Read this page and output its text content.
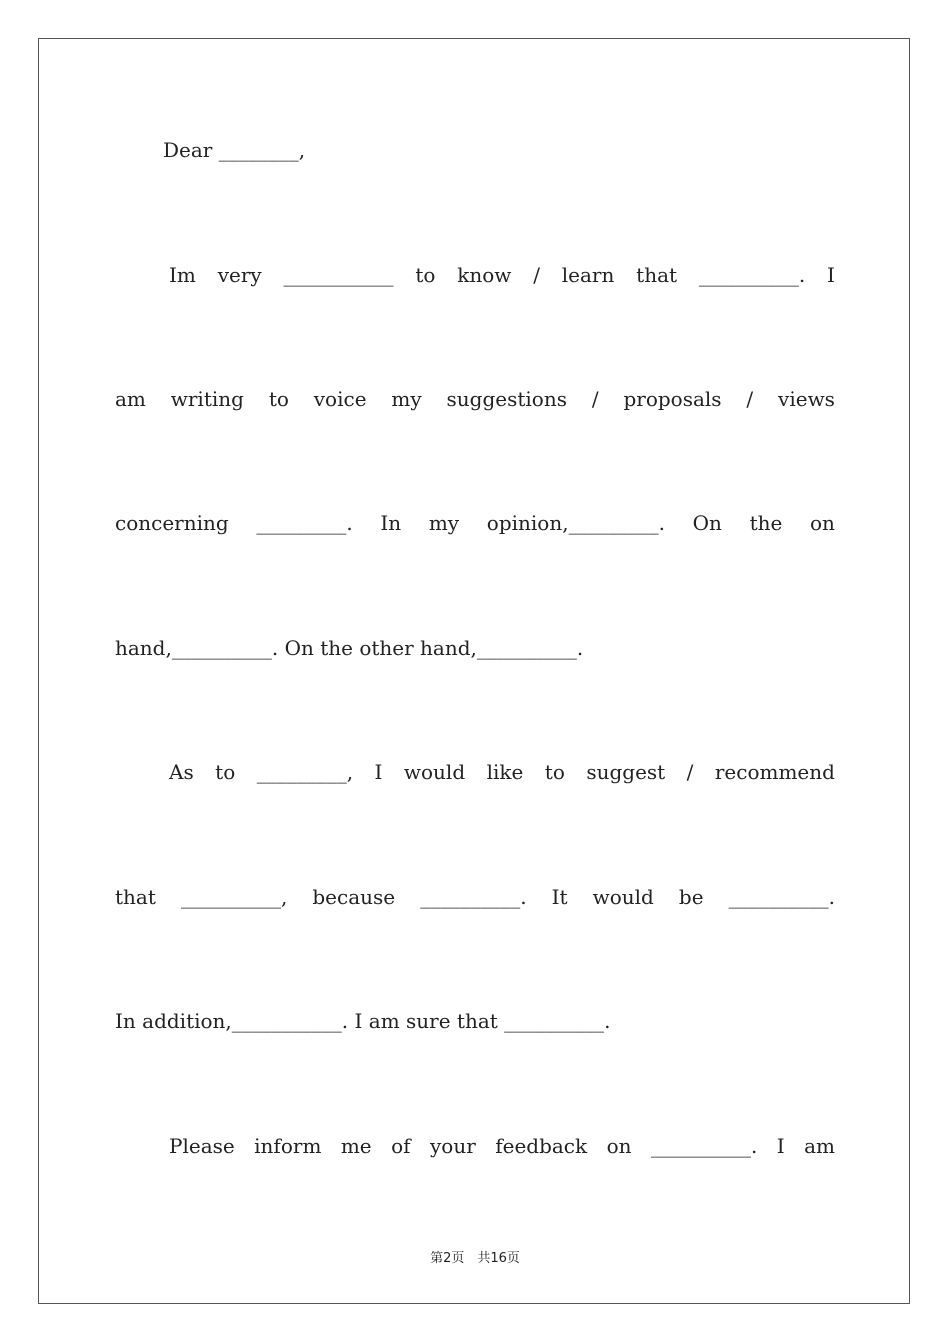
Dear ________,
Im very ___________ to know / learn that __________. I
am writing to voice my suggestions / proposals / views
concerning _________. In my opinion,_________. On the on
hand,__________. On the other hand,__________.
As to _________, I would like to suggest / recommend
that __________, because __________. It would be __________.
In addition,___________. I am sure that __________.
Please inform me of your feedback on __________. I am
第2页　共16页
